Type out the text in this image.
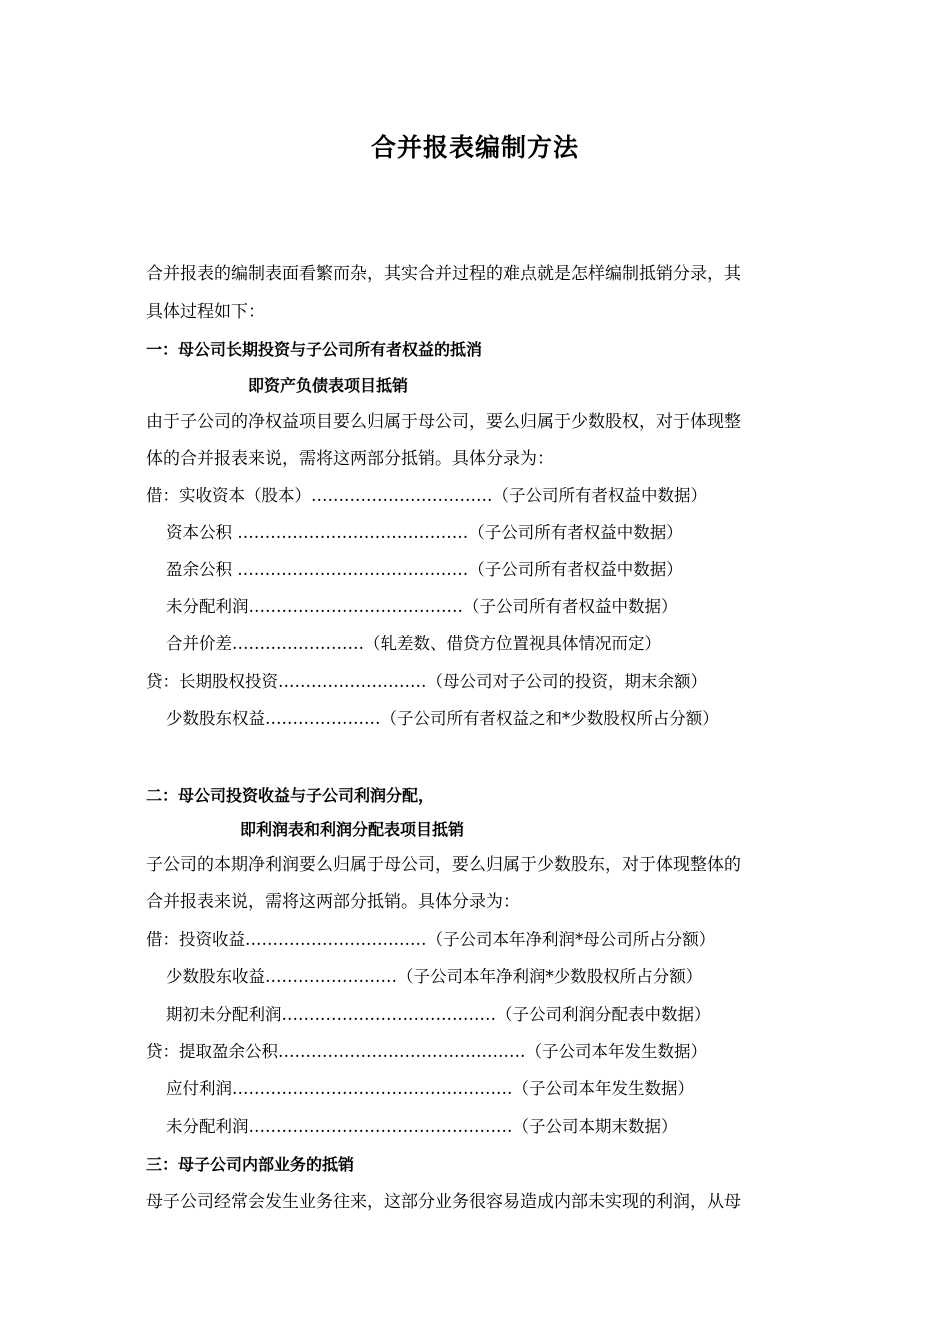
合并报表编制方法
合并报表的编制表面看繁而杂，其实合并过程的难点就是怎样编制抵销分录，其
具体过程如下：
一：母公司长期投资与子公司所有者权益的抵消
即资产负债表项目抵销
由于子公司的净权益项目要么归属于母公司，要么归属于少数股权，对于体现整
体的合并报表来说，需将这两部分抵销。具体分录为：
借：实收资本（股本）……………………………（子公司所有者权益中数据）
资本公积 ……………………………………（子公司所有者权益中数据）
盈余公积 ……………………………………（子公司所有者权益中数据）
未分配利润…………………………………（子公司所有者权益中数据）
合并价差……………………（轧差数、借贷方位置视具体情况而定）
贷：长期股权投资………………………（母公司对子公司的投资，期末余额）
少数股东权益…………………（子公司所有者权益之和*少数股权所占分额）
二：母公司投资收益与子公司利润分配，
即利润表和利润分配表项目抵销
子公司的本期净利润要么归属于母公司，要么归属于少数股东，对于体现整体的
合并报表来说，需将这两部分抵销。具体分录为：
借：投资收益……………………………（子公司本年净利润*母公司所占分额）
少数股东收益……………………（子公司本年净利润*少数股权所占分额）
期初未分配利润…………………………………（子公司利润分配表中数据）
贷：提取盈余公积………………………………………（子公司本年发生数据）
应付利润……………………………………………（子公司本年发生数据）
未分配利润…………………………………………（子公司本期末数据）
三：母子公司内部业务的抵销
母子公司经常会发生业务往来，这部分业务很容易造成内部未实现的利润，从母
